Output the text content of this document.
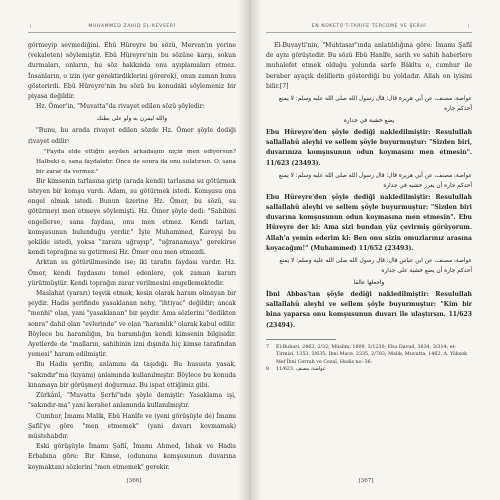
|	MUHAMMED ZAHID EL-KEVSERİ

görmeyip sevmediğini. Ebû Hüreyre bu sözü, Mervan'ın yerine (vekaleten) söylemiştir. Ebû Hüreyre'nin bu sözüne karşı, sokun durmaları, onların, bu söz hakkında onu ayıplamaları etmez. İnsanların, o izin (yer gerektirdiklerini görerek), onun zaman bunu gösterirdi. Ebû Hüreyre'nin bu sözü bu konudaki söylemeniz bir piyasa değildir.

Hz. Ömer'in, "Muvatta"da rivayet edilen sözü şöyledir:

والله ليمرن به ولو على بطنك

"Bunu, bu arada rivayet edilen sözde Hz. Ömer şöyle dediği rivayet edilir:

"Fayda elde ettiğin şeyden arkadaşını niçin men ediyorsun? Halbuki o, sana faydalıdır. Önce de sonra da onu sulatırsın. O, sana bir zarar da vermez."

Bir kimsenin tarlasına girip (arada kendi) tarlasına su götürmek isteyen bir komşu vardı. Adam, su götürmek istedi. Komşusu ona engel olmak istedi. Bunun üzerine Hz. Ömer, bu sözü, su götürmeyi men etmeye söylemişti. Hz. Ömer şöyle dedi: "Sahibini engellerse, sana faydası, onu men etmez. Kendi tarlan, komşusunun bulunduğu yerdir." İşte Muhammed, Kureyşi bu şekilde istedi, yoksa "zarara uğrayıp", "uğranamaya" gerekirse kendi toprağına su getirmesi Hz. Ömer onu men etmezdi.

Arktan su götürülmesinde ise; iki tarafın faydası vardır. Hz. Ömer, kendi faydasını temel edenlere, çok zaman kararı yürütmüştür. Kendi toprağın zarar verilmesini engellemektedir.

Maslahat (yararı) teşvik etmek, kesin olarak haram olmayan bir şeydir. Hadis şerifinde yasaklanan nehy, "ihtiyac" değildir; ancak "menhi" olan, yani "yasaklanan" bir şeydir. Ama sözlerini "dedikten sonra" dahil olan "evlerinde" ve olan "haramlık" olarak kabul edilir. Böylece bu haramlığın, bu haramlığın kendi kimsenin bilgisidir. Ayetlerde de "malların, sahibinin izni dışında hiç kimse tarafından yemesi" haram edilmiştir.

Bu Hadis şerifin, anlamını da taşıdığı. Bu hususta yasak, "sakındır"ma (kıyamı) anlamında kullanılmıştır. Böylece bu konuda kınamaya bir görüşmeyi doğurmaz. Bu ispat ettiğimiz gibi.

Zürkânî, "Muvatta Şerhi"nde şöyle demiştir: Yasaklama işi, "sakındır-ma" yani kerahet anlamında kullanılmıştır.

Cumhur, İmamı Malik, Ebû Hanîfe ve (yeni görüşüyle de) İmamı Şafiî'ye göre "men etmemek" (yani davarı kovmamak) müstehabdır.

Eski görüşüyle İmamı Şafiî, İmamı Ahmed, İshak ve Hadis Erbabına göre: Bir Kimse, (odununu komşusunun duvarına koymaktan) sözlerini "men etmemek" gerekir.

[366]
EN NÜKETÜ'T-TARİFE TERCÜME VE ŞERHİ	|

El-Buvayti'nin, "Muhtasar"ında anlatıldığına göre: İmamı Şafiî de aynı görüştedir. Bu sözü Ebû Hanîfe, sarih ve sahih haberlere muhalefet etmek olduğu yolunda sarfe Bâkîtu o, cumhur ile beraber ayaçık delillerin gösterdiği bu yoldadır. Allah en iyisini bilir.[7]

عواصة، مصنف، عن أبي هريرة قال: قال رسول الله صلى الله عليه وسلم: لا يمنع أحدكم جاره
يضع خشبة في جداره

Ebu Hüreyre'den şöyle dediği nakledilmiştir: Resulullah sallallahü aleyhi ve sellem şöyle buyurmuştur: "Sizden biri, duvarınıza komşusunun odun koymasını men etmesin". 11/623 (23493).

عواصة، مصنف، عن أبي هريرة قال: قال رسول الله صلى الله عليه وسلم: لا يمنع أحدكم جاره أن يغرز خشبه في جداره

Ebu Hüreyre'den şöyle dediği nakledilmiştir: Resulullah sallallahü aleyhi ve sellem şöyle buyurmuştur: "Sizden biri duvarına komşusunun odun koymasına men etmesin". Ebu Hüreyre der ki: Ama sizi bundan yüz çevirmiş görüyorum. Allah'a yemin ederim ki: Ben onu sizin omuzlarınız arasına koyacağım!" (Muhammed) 11/652 (23493).

عواصة، مصنف، عن ابن عباس قال: قال رسول الله صلى الله عليه وسلم: لا يمنع أحدكم جاره أن يضع خشبة على جداره
واجعلها عالقا

İbni Abbas'tan şöyle dediği nakledilmiştir: Resulullah sallallahü aleyhi ve sellem şöyle buyurmuştur: "Kim bir bina yaparsa onu komşusunun duvarı ile ulaştırsın. 11/623 (23494).

7	El-Buhari, 2463, 2/32; Müslim, 1609, 3/1230; Ebu Davud, 3634, 3/314; et-Tirmizi, 1353, 3/635; İbni Mace, 2335, 2/783; Malik, Muvatta, 1462. A. Yüksek Mel'İbni Cerrah ve Cezaî, Hadis no: 36.
8	11/623. عواصة، مصنف
[367]
